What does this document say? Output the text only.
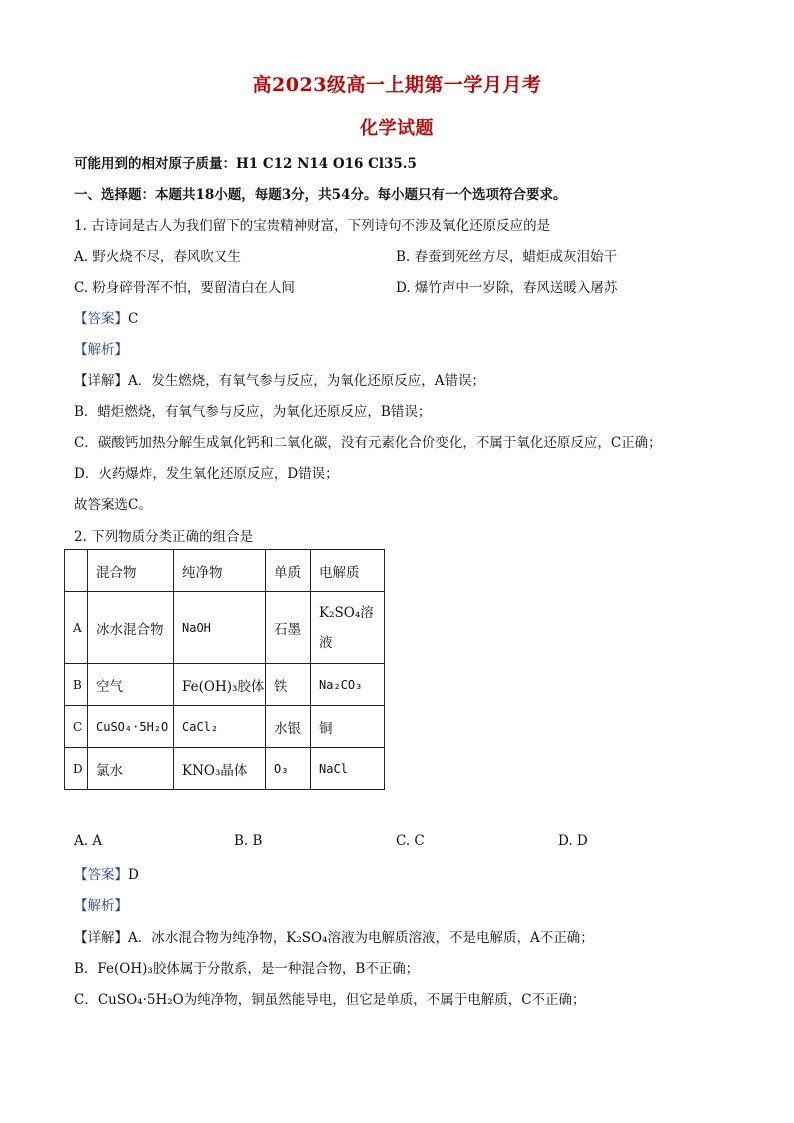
高2023级高一上期第一学月月考
化学试题
可能用到的相对原子质量：H1 C12 N14 O16 Cl35.5
一、选择题：本题共18小题，每题3分，共54分。每小题只有一个选项符合要求。
1. 古诗词是古人为我们留下的宝贵精神财富，下列诗句不涉及氧化还原反应的是
A. 野火烧不尽，春风吹又生	B. 春蚕到死丝方尽，蜡炬成灰泪始干
C. 粉身碎骨浑不怕，要留清白在人间	D. 爆竹声中一岁除，春风送暖入屠苏
【答案】C
【解析】
【详解】A．发生燃烧，有氧气参与反应，为氧化还原反应，A错误；
B．蜡炬燃烧，有氧气参与反应，为氧化还原反应，B错误；
C．碳酸钙加热分解生成氧化钙和二氧化碳，没有元素化合价变化，不属于氧化还原反应，C正确；
D．火药爆炸，发生氧化还原反应，D错误；
故答案选C。
2. 下列物质分类正确的组合是
	混合物	纯净物	单质	电解质
A	冰水混合物	NaOH	石墨	K₂SO₄溶液
B	空气	Fe(OH)₃胶体	铁	Na₂CO₃
C	CuSO₄·5H₂O	CaCl₂	水银	铜
D	氯水	KNO₃晶体	O₃	NaCl
A. A	B. B	C. C	D. D
【答案】D
【解析】
【详解】A．冰水混合物为纯净物，K₂SO₄溶液为电解质溶液，不是电解质，A不正确；
B．Fe(OH)₃胶体属于分散系，是一种混合物，B不正确；
C．CuSO₄·5H₂O为纯净物，铜虽然能导电，但它是单质，不属于电解质，C不正确；
